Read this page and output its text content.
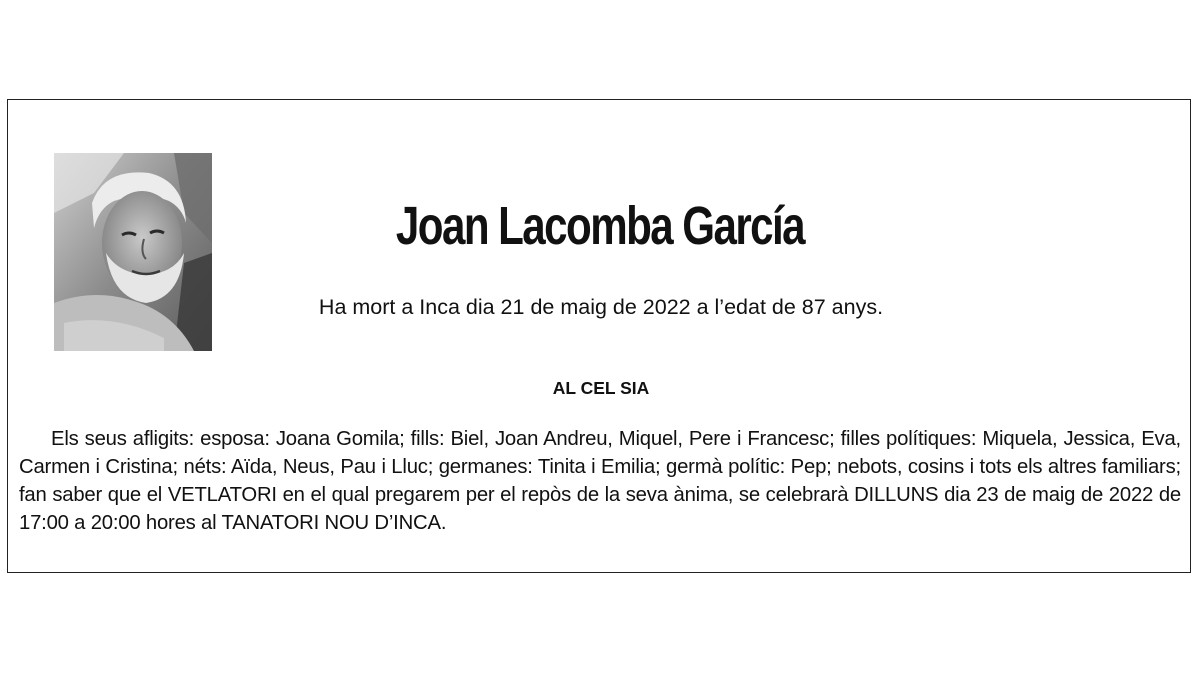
Joan Lacomba García
Ha mort a Inca dia 21 de maig de 2022 a l’edat de 87 anys.
AL CEL SIA
Els seus afligits: esposa: Joana Gomila; fills: Biel, Joan Andreu, Miquel, Pere i Francesc; filles polítiques: Miquela, Jessica, Eva, Carmen i Cristina; néts: Aïda, Neus, Pau i Lluc; germanes: Tinita i Emilia; germà polític: Pep; nebots, cosins i tots els altres familiars; fan saber que el VETLATORI en el qual pregarem per el repòs de la seva ànima, se celebrarà DILLUNS dia 23 de maig de 2022 de 17:00 a 20:00 hores al TANATORI NOU D’INCA.
